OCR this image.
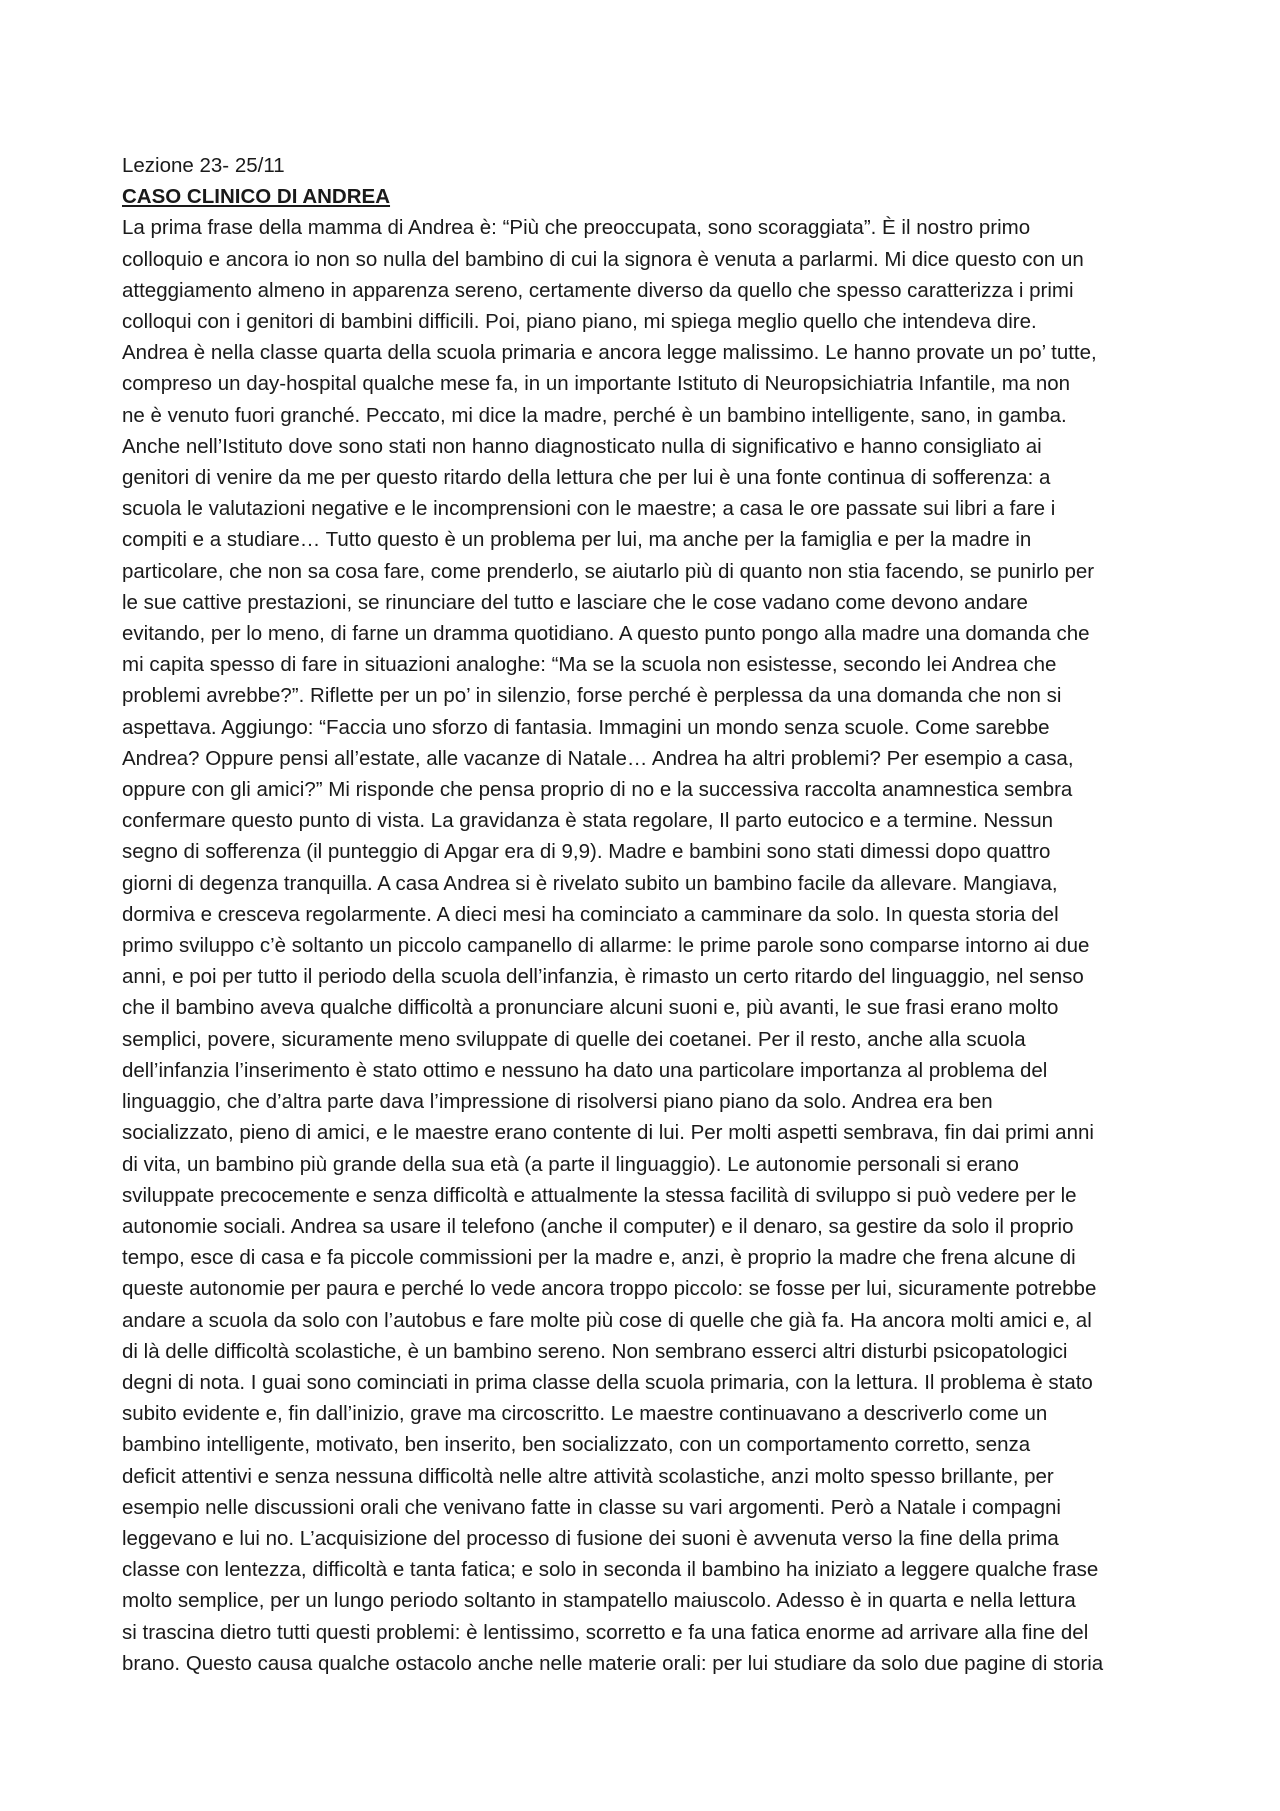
Lezione 23- 25/11
CASO CLINICO DI ANDREA

La prima frase della mamma di Andrea è: “Più che preoccupata, sono scoraggiata”. È il nostro primo
colloquio e ancora io non so nulla del bambino di cui la signora è venuta a parlarmi. Mi dice questo con un
atteggiamento almeno in apparenza sereno, certamente diverso da quello che spesso caratterizza i primi
colloqui con i genitori di bambini difficili. Poi, piano piano, mi spiega meglio quello che intendeva dire.
Andrea è nella classe quarta della scuola primaria e ancora legge malissimo. Le hanno provate un po’ tutte,
compreso un day-hospital qualche mese fa, in un importante Istituto di Neuropsichiatria Infantile, ma non
ne è venuto fuori granché. Peccato, mi dice la madre, perché è un bambino intelligente, sano, in gamba.
Anche nell’Istituto dove sono stati non hanno diagnosticato nulla di significativo e hanno consigliato ai
genitori di venire da me per questo ritardo della lettura che per lui è una fonte continua di sofferenza: a
scuola le valutazioni negative e le incomprensioni con le maestre; a casa le ore passate sui libri a fare i
compiti e a studiare… Tutto questo è un problema per lui, ma anche per la famiglia e per la madre in
particolare, che non sa cosa fare, come prenderlo, se aiutarlo più di quanto non stia facendo, se punirlo per
le sue cattive prestazioni, se rinunciare del tutto e lasciare che le cose vadano come devono andare
evitando, per lo meno, di farne un dramma quotidiano. A questo punto pongo alla madre una domanda che
mi capita spesso di fare in situazioni analoghe: “Ma se la scuola non esistesse, secondo lei Andrea che
problemi avrebbe?”. Riflette per un po’ in silenzio, forse perché è perplessa da una domanda che non si
aspettava. Aggiungo: “Faccia uno sforzo di fantasia. Immagini un mondo senza scuole. Come sarebbe
Andrea? Oppure pensi all’estate, alle vacanze di Natale… Andrea ha altri problemi? Per esempio a casa,
oppure con gli amici?” Mi risponde che pensa proprio di no e la successiva raccolta anamnestica sembra
confermare questo punto di vista. La gravidanza è stata regolare, Il parto eutocico e a termine. Nessun
segno di sofferenza (il punteggio di Apgar era di 9,9). Madre e bambini sono stati dimessi dopo quattro
giorni di degenza tranquilla. A casa Andrea si è rivelato subito un bambino facile da allevare. Mangiava,
dormiva e cresceva regolarmente. A dieci mesi ha cominciato a camminare da solo. In questa storia del
primo sviluppo c’è soltanto un piccolo campanello di allarme: le prime parole sono comparse intorno ai due
anni, e poi per tutto il periodo della scuola dell’infanzia, è rimasto un certo ritardo del linguaggio, nel senso
che il bambino aveva qualche difficoltà a pronunciare alcuni suoni e, più avanti, le sue frasi erano molto
semplici, povere, sicuramente meno sviluppate di quelle dei coetanei. Per il resto, anche alla scuola
dell’infanzia l’inserimento è stato ottimo e nessuno ha dato una particolare importanza al problema del
linguaggio, che d’altra parte dava l’impressione di risolversi piano piano da solo. Andrea era ben
socializzato, pieno di amici, e le maestre erano contente di lui. Per molti aspetti sembrava, fin dai primi anni
di vita, un bambino più grande della sua età (a parte il linguaggio). Le autonomie personali si erano
sviluppate precocemente e senza difficoltà e attualmente la stessa facilità di sviluppo si può vedere per le
autonomie sociali. Andrea sa usare il telefono (anche il computer) e il denaro, sa gestire da solo il proprio
tempo, esce di casa e fa piccole commissioni per la madre e, anzi, è proprio la madre che frena alcune di
queste autonomie per paura e perché lo vede ancora troppo piccolo: se fosse per lui, sicuramente potrebbe
andare a scuola da solo con l’autobus e fare molte più cose di quelle che già fa. Ha ancora molti amici e, al
di là delle difficoltà scolastiche, è un bambino sereno. Non sembrano esserci altri disturbi psicopatologici
degni di nota. I guai sono cominciati in prima classe della scuola primaria, con la lettura. Il problema è stato
subito evidente e, fin dall’inizio, grave ma circoscritto. Le maestre continuavano a descriverlo come un
bambino intelligente, motivato, ben inserito, ben socializzato, con un comportamento corretto, senza
deficit attentivi e senza nessuna difficoltà nelle altre attività scolastiche, anzi molto spesso brillante, per
esempio nelle discussioni orali che venivano fatte in classe su vari argomenti. Però a Natale i compagni
leggevano e lui no. L’acquisizione del processo di fusione dei suoni è avvenuta verso la fine della prima
classe con lentezza, difficoltà e tanta fatica; e solo in seconda il bambino ha iniziato a leggere qualche frase
molto semplice, per un lungo periodo soltanto in stampatello maiuscolo. Adesso è in quarta e nella lettura
si trascina dietro tutti questi problemi: è lentissimo, scorretto e fa una fatica enorme ad arrivare alla fine del
brano. Questo causa qualche ostacolo anche nelle materie orali: per lui studiare da solo due pagine di storia
